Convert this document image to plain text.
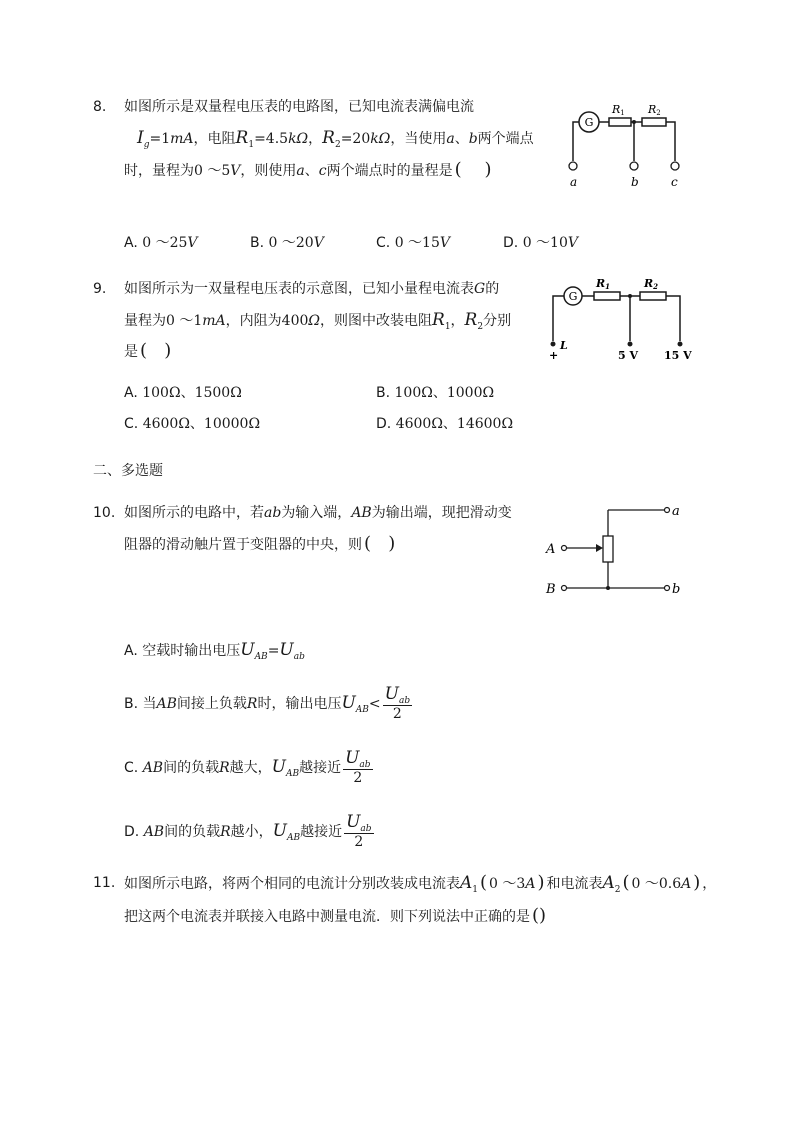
8. 如图所示是双量程电压表的电路图，已知电流表满偏电流
$I_g=1mA$，电阻$R_1=4.5k\Omega$，$R_2=20k\Omega$，当使用a、b两个端点
时，量程为0 ～5V，则使用a、c两个端点时的量程是 (    )
A. 0 ～25V	B. 0 ～20V	C. 0 ～15V	D. 0 ～10V
G
R1 R2
a	b	c
9. 如图所示为一双量程电压表的示意图，已知小量程电流表G的
量程为0 ～1mA，内阻为400Ω，则图中改装电阻$R_1$，$R_2$分别
是 (   )
A. 100Ω、1500Ω	B. 100Ω、1000Ω
C. 4600Ω、10000Ω	D. 4600Ω、14600Ω
G
R1	R2
L
+	5 V 15 V
二、多选题
10. 如图所示的电路中，若ab为输入端，AB为输出端，现把滑动变
阻器的滑动触片置于变阻器的中央，则 (   )
A. 空载时输出电压$U_{AB}=U_{ab}$
B. 当AB间接上负载R时，输出电压$U_{AB}< \frac{U_{ab}}{2}$
C. AB间的负载R越大，$U_{AB}$越接近 $\frac{U_{ab}}{2}$
D. AB间的负载R越小，$U_{AB}$越接近 $\frac{U_{ab}}{2}$
A
B
a
b
11. 如图所示电路，将两个相同的电流计分别改装成电流表$A_1$ ( 0 ～3A ) 和电流表$A_2$ ( 0 ～0.6A ) ，
把这两个电流表并联接入电路中测量电流．则下列说法中正确的是 ()
